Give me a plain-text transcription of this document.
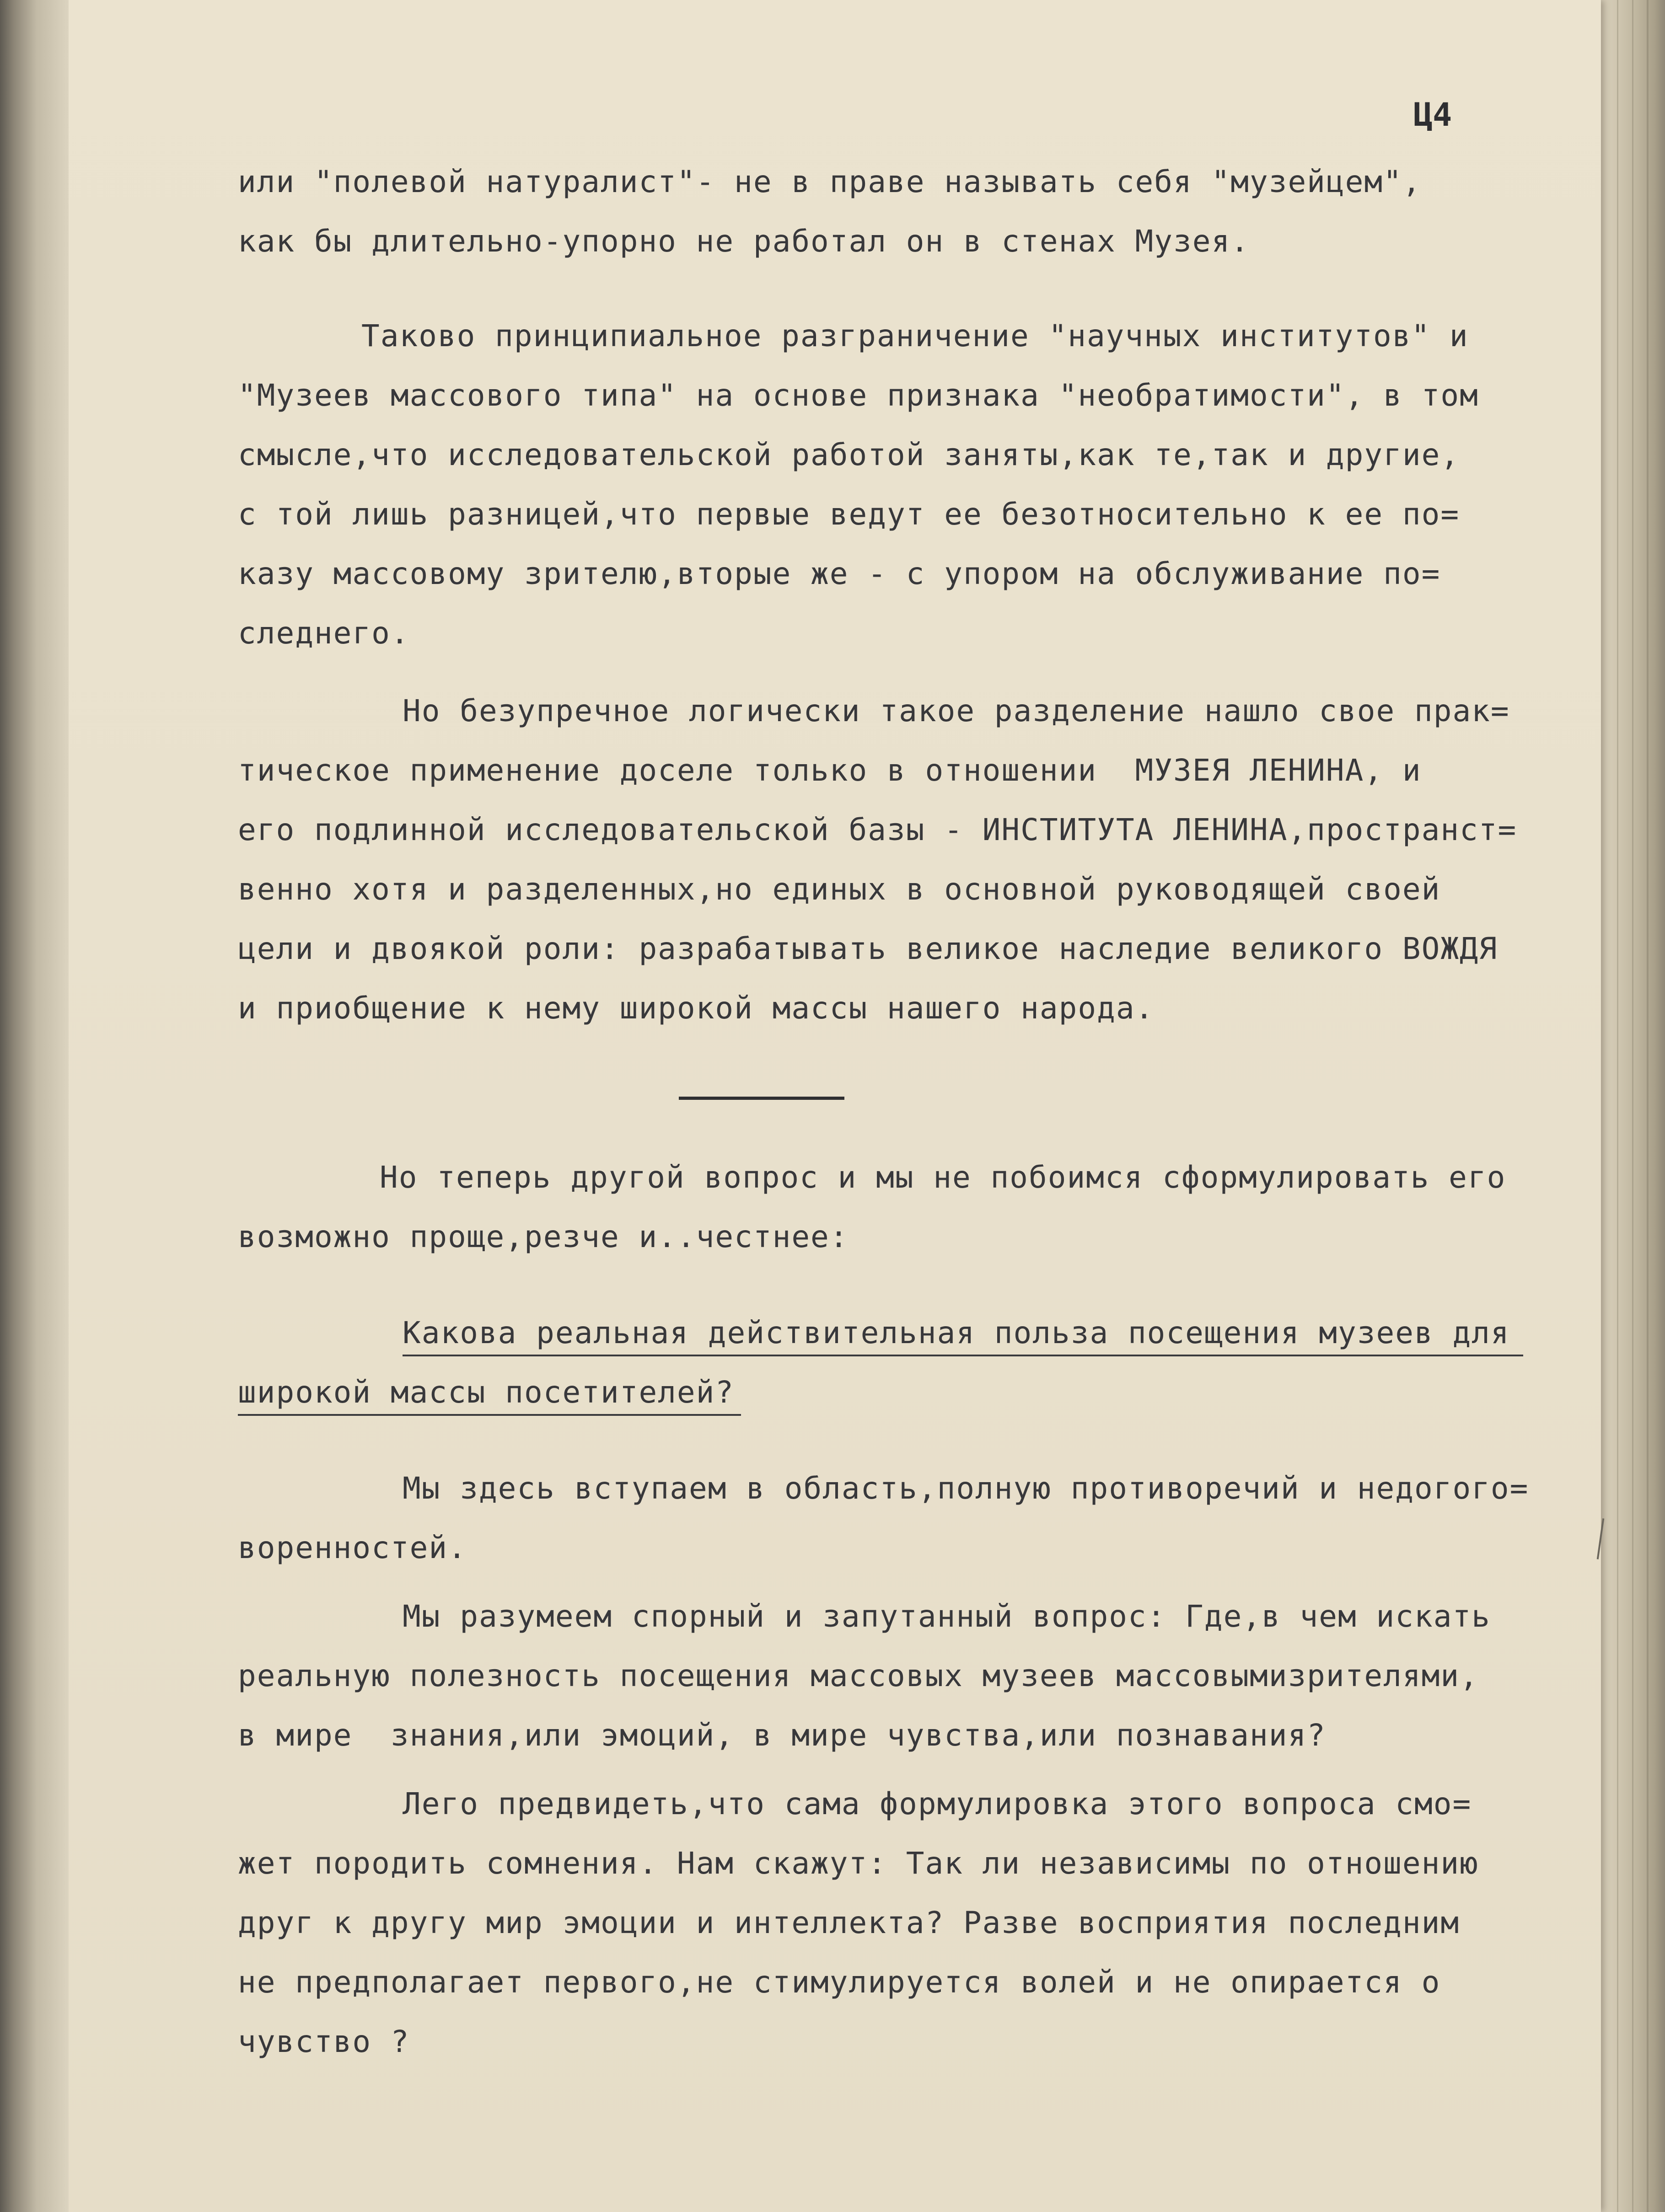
Ц4
или "полевой натуралист"- не в праве называть себя "музейцем",
как бы длительно-упорно не работал он в стенах Музея.
Таково принципиальное разграничение "научных институтов" и
"Музеев массового типа" на основе признака "необратимости", в том
смысле,что исследовательской работой заняты,как те,так и другие,
с той лишь разницей,что первые ведут ее безотносительно к ее по=
казу массовому зрителю,вторые же - с упором на обслуживание по=
следнего.
Но безупречное логически такое разделение нашло свое прак=
тическое применение доселе только в отношении  МУЗЕЯ ЛЕНИНА, и
его подлинной исследовательской базы - ИНСТИТУТА ЛЕНИНА,пространст=
венно хотя и разделенных,но единых в основной руководящей своей
цели и двоякой роли: разрабатывать великое наследие великого ВОЖДЯ
и приобщение к нему широкой массы нашего народа.
Но теперь другой вопрос и мы не побоимся сформулировать его
возможно проще,резче и..честнее:
Какова реальная действительная польза посещения музеев для
широкой массы посетителей?
Мы здесь вступаем в область,полную противоречий и недогого=
воренностей.
Мы разумеем спорный и запутанный вопрос: Где,в чем искать
реальную полезность посещения массовых музеев массовымизрителями,
в мире  знания,или эмоций, в мире чувства,или познавания?
Лего предвидеть,что сама формулировка этого вопроса смо=
жет породить сомнения. Нам скажут: Так ли независимы по отношению
друг к другу мир эмоции и интеллекта? Разве восприятия последним
не предполагает первого,не стимулируется волей и не опирается о
чувство ?
